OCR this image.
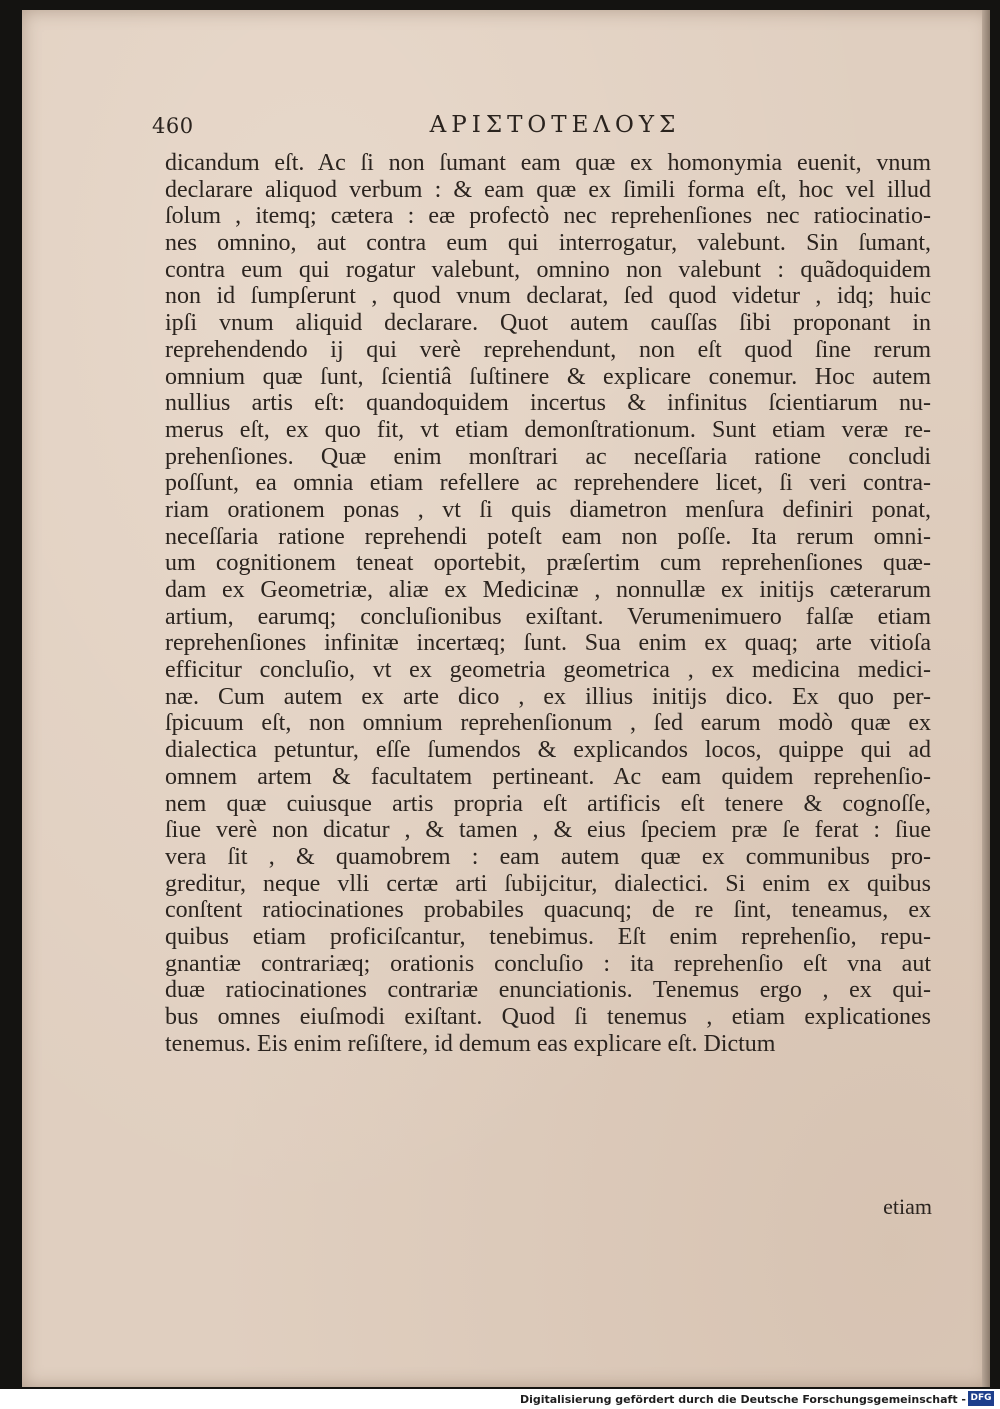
460	ΑΡΙΣΤΟΤΕΛΟΥΣ
dicandum eſt. Ac ſi non ſumant eam quæ ex homonymia euenit, vnum
declarare aliquod verbum : & eam quæ ex ſimili forma eſt, hoc vel illud
ſolum , itemq; cætera : eæ profectò nec reprehenſiones nec ratiocinatio-
nes omnino, aut contra eum qui interrogatur, valebunt. Sin ſumant,
contra eum qui rogatur valebunt, omnino non valebunt : quãdoquidem
non id ſumpſerunt , quod vnum declarat, ſed quod videtur , idq; huic
ipſi vnum aliquid declarare. Quot autem cauſſas ſibi proponant in
reprehendendo ij qui verè reprehendunt, non eſt quod ſine rerum
omnium quæ ſunt, ſcientiâ ſuſtinere & explicare conemur. Hoc autem
nullius artis eſt: quandoquidem incertus & infinitus ſcientiarum nu-
merus eſt, ex quo fit, vt etiam demonſtrationum. Sunt etiam veræ re-
prehenſiones. Quæ enim monſtrari ac neceſſaria ratione concludi
poſſunt, ea omnia etiam refellere ac reprehendere licet, ſi veri contra-
riam orationem ponas , vt ſi quis diametron menſura definiri ponat,
neceſſaria ratione reprehendi poteſt eam non poſſe. Ita rerum omni-
um cognitionem teneat oportebit, præſertim cum reprehenſiones quæ-
dam ex Geometriæ, aliæ ex Medicinæ , nonnullæ ex initijs cæterarum
artium, earumq; concluſionibus exiſtant. Verumenimuero falſæ etiam
reprehenſiones infinitæ incertæq; ſunt. Sua enim ex quaq; arte vitioſa
efficitur concluſio, vt ex geometria geometrica , ex medicina medici-
næ. Cum autem ex arte dico , ex illius initijs dico. Ex quo per-
ſpicuum eſt, non omnium reprehenſionum , ſed earum modò quæ ex
dialectica petuntur, eſſe ſumendos & explicandos locos, quippe qui ad
omnem artem & facultatem pertineant. Ac eam quidem reprehenſio-
nem quæ cuiusque artis propria eſt artificis eſt tenere & cognoſſe,
ſiue verè non dicatur , & tamen , & eius ſpeciem præ ſe ferat : ſiue
vera ſit , & quamobrem : eam autem quæ ex communibus pro-
greditur, neque vlli certæ arti ſubijcitur, dialectici. Si enim ex quibus
conſtent ratiocinationes probabiles quacunq; de re ſint, teneamus, ex
quibus etiam proficiſcantur, tenebimus. Eſt enim reprehenſio, repu-
gnantiæ contrariæq; orationis concluſio : ita reprehenſio eſt vna aut
duæ ratiocinationes contrariæ enunciationis. Tenemus ergo , ex qui-
bus omnes eiuſmodi exiſtant. Quod ſi tenemus , etiam explicationes
tenemus. Eis enim reſiſtere, id demum eas explicare eſt. Dictum
etiam
Digitalisierung gefördert durch die Deutsche Forschungsgemeinschaft - DFG
